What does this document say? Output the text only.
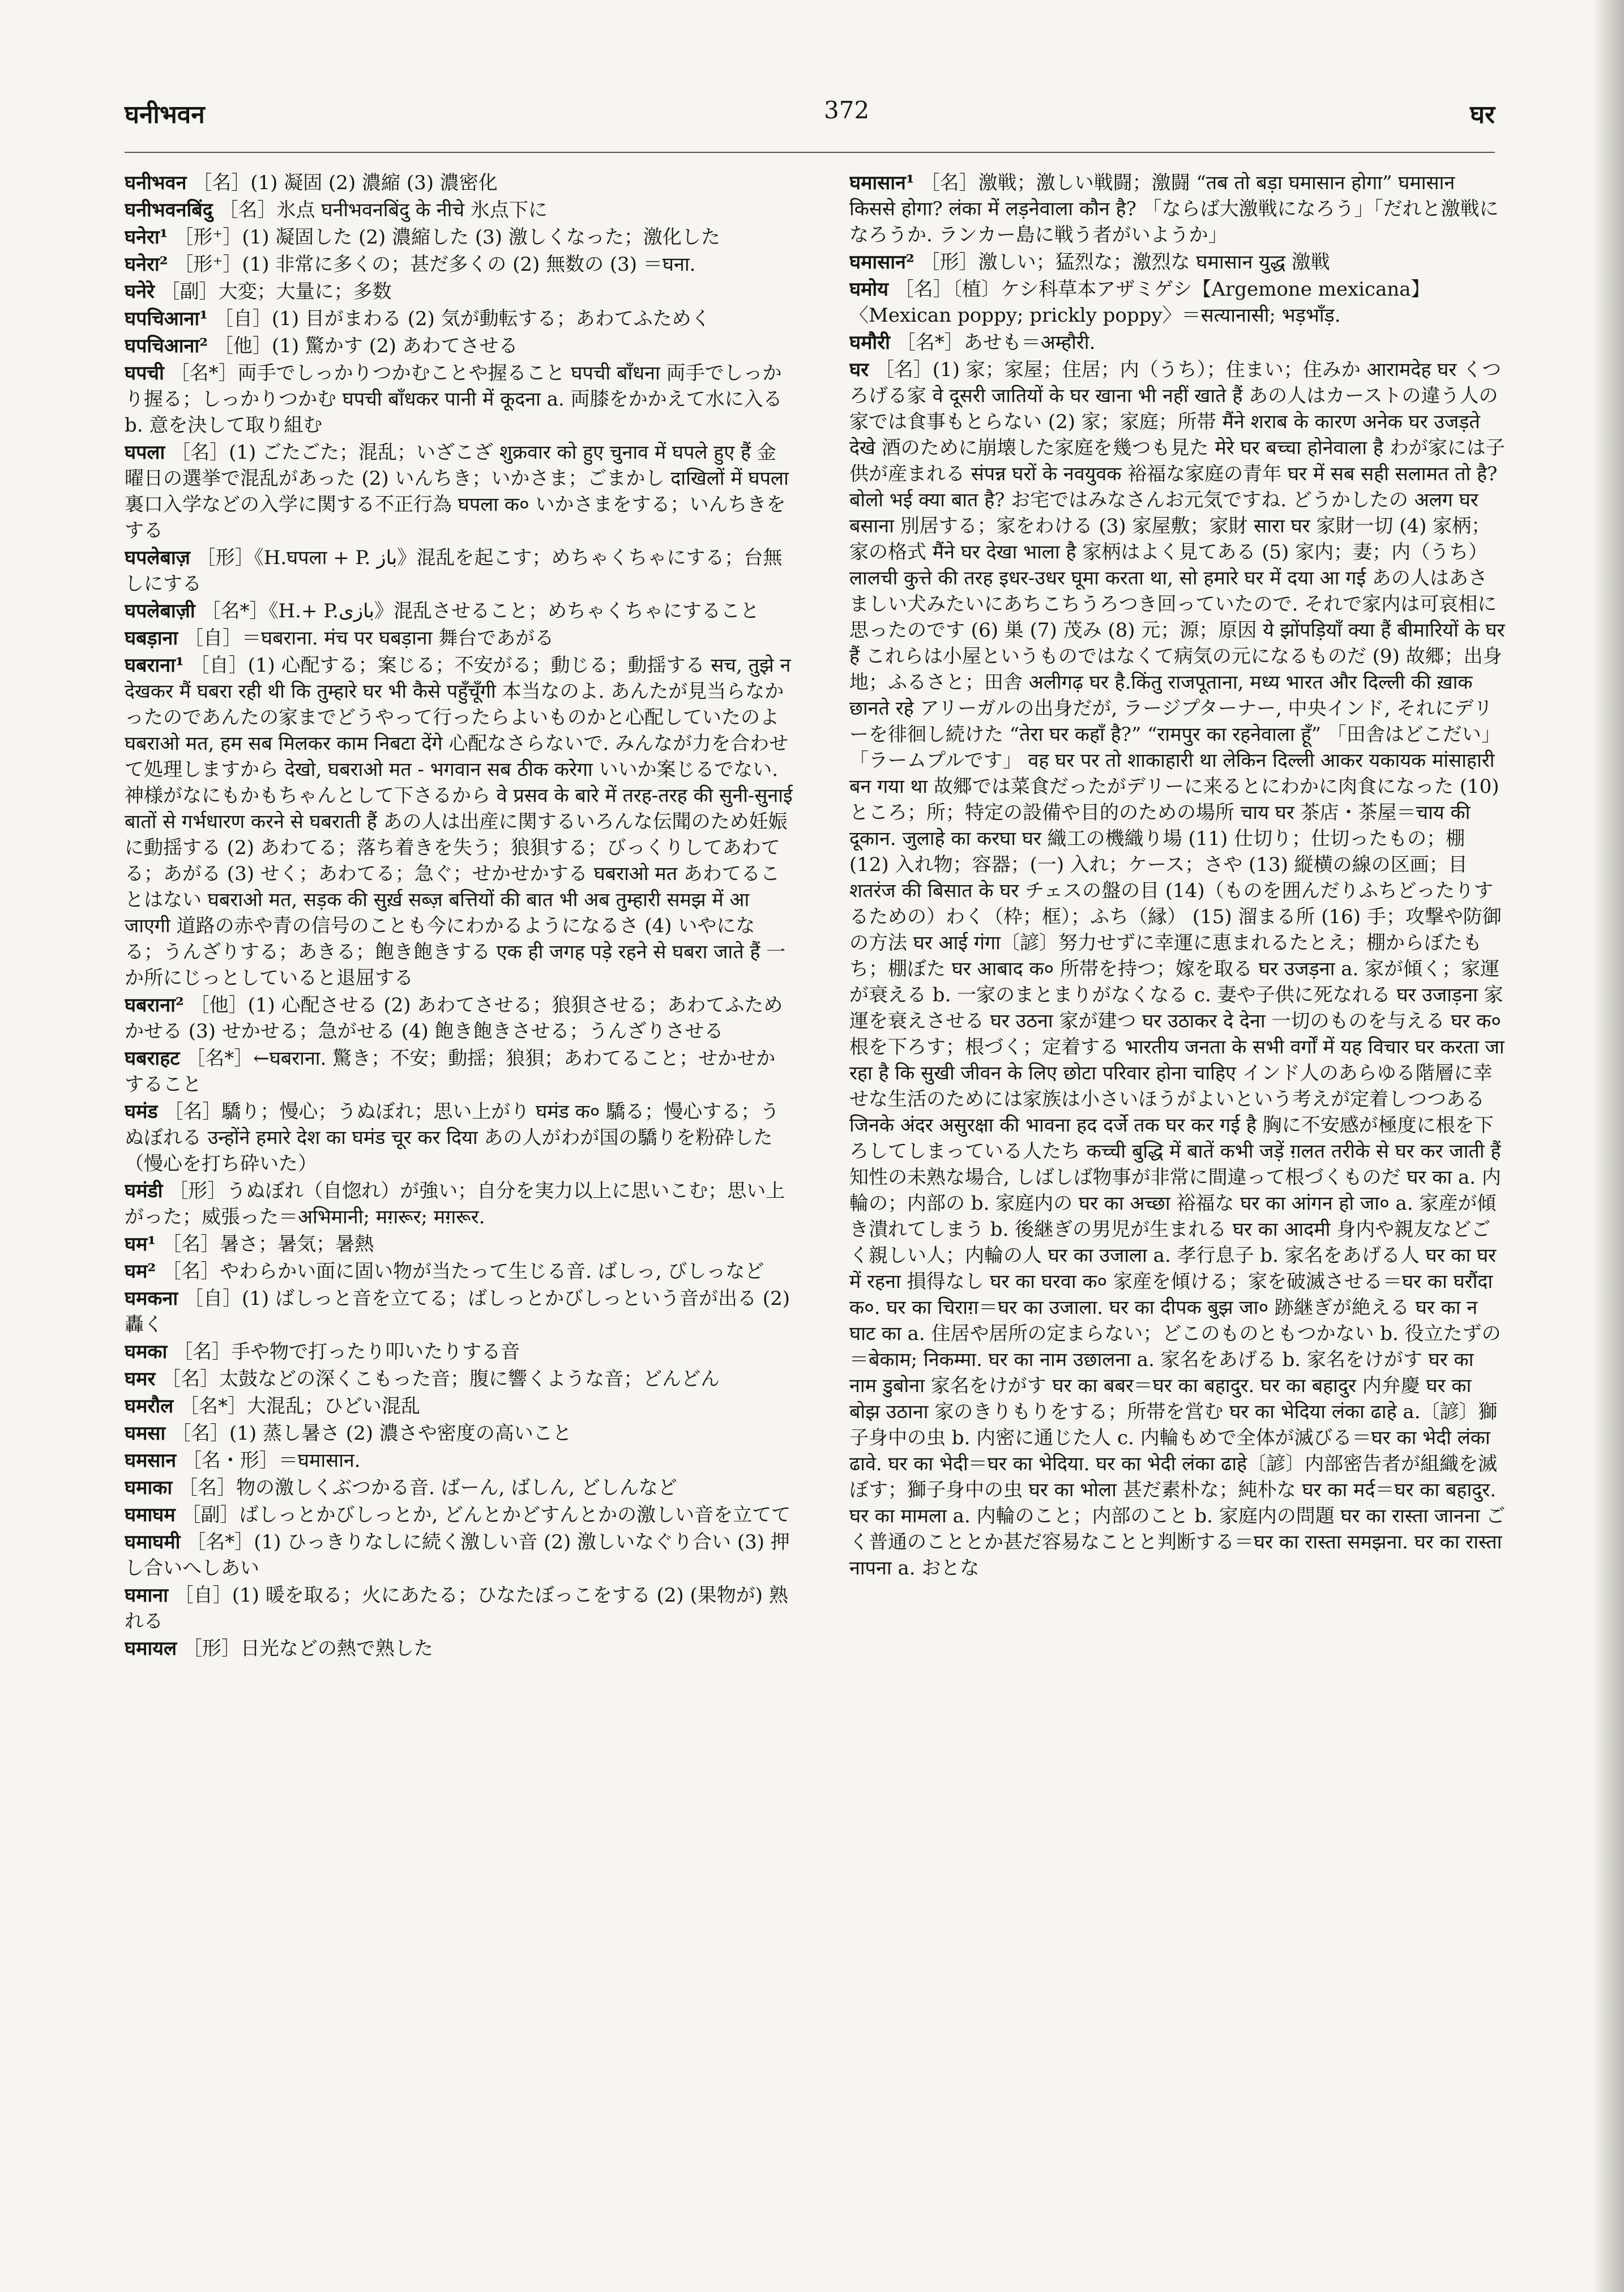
घनीभवन	372	घर
घनीभवन ［名］(1) 凝固 (2) 濃縮 (3) 濃密化
घनीभवनबिंदु ［名］氷点 घनीभवनबिंदु के नीचे 氷点下に
घनेरा¹ ［形⁺］(1) 凝固した (2) 濃縮した (3) 激しくなった；激化した
घनेरा² ［形⁺］(1) 非常に多くの；甚だ多くの (2) 無数の (3) ＝घना.
घनेरे ［副］大変；大量に；多数
घपचिआना¹ ［自］(1) 目がまわる (2) 気が動転する；あわてふためく
घपचिआना² ［他］(1) 驚かす (2) あわてさせる
घपची ［名*］両手でしっかりつかむことや握ること घपची बाँधना 両手でしっかり握る；しっかりつかむ घपची बाँधकर पानी में कूदना a. 両膝をかかえて水に入る b. 意を決して取り組む
घपला ［名］(1) ごたごた；混乱；いざこざ शुक्रवार को हुए चुनाव में घपले हुए हैं 金曜日の選挙で混乱があった (2) いんちき；いかさま；ごまかし दाखिलों में घपला 裏口入学などの入学に関する不正行為 घपला क० いかさまをする；いんちきをする
घपलेबाज़ ［形］《H.घपला + P. باز》混乱を起こす；めちゃくちゃにする；台無しにする
घपलेबाज़ी ［名*］《H.+ P.بازی》混乱させること；めちゃくちゃにすること
घबड़ाना ［自］＝घबराना. मंच पर घबड़ाना 舞台であがる
घबराना¹ ［自］(1) 心配する；案じる；不安がる；動じる；動揺する सच, तुझे न देखकर मैं घबरा रही थी कि तुम्हारे घर भी कैसे पहुँचूँगी 本当なのよ. あんたが見当らなかったのであんたの家までどうやって行ったらよいものかと心配していたのよ घबराओ मत, हम सब मिलकर काम निबटा देंगे 心配なさらないで. みんなが力を合わせて処理しますから देखो, घबराओ मत - भगवान सब ठीक करेगा いいか案じるでない. 神様がなにもかもちゃんとして下さるから वे प्रसव के बारे में तरह-तरह की सुनी-सुनाई बातों से गर्भधारण करने से घबराती हैं あの人は出産に関するいろんな伝聞のため妊娠に動揺する (2) あわてる；落ち着きを失う；狼狽する；びっくりしてあわてる；あがる (3) せく；あわてる；急ぐ；せかせかする घबराओ मत あわてることはない घबराओ मत, सड़क की सुर्ख़ सब्ज़ बत्तियों की बात भी अब तुम्हारी समझ में आ जाएगी 道路の赤や青の信号のことも今にわかるようになるさ (4) いやになる；うんざりする；あきる；飽き飽きする एक ही जगह पड़े रहने से घबरा जाते हैं 一か所にじっとしていると退屈する
घबराना² ［他］(1) 心配させる (2) あわてさせる；狼狽させる；あわてふためかせる (3) せかせる；急がせる (4) 飽き飽きさせる；うんざりさせる
घबराहट ［名*］←घबराना. 驚き；不安；動揺；狼狽；あわてること；せかせかすること
घमंड ［名］驕り；慢心；うぬぼれ；思い上がり घमंड क० 驕る；慢心する；うぬぼれる उन्होंने हमारे देश का घमंड चूर कर दिया あの人がわが国の驕りを粉砕した（慢心を打ち砕いた）
घमंडी ［形］うぬぼれ（自惚れ）が強い；自分を実力以上に思いこむ；思い上がった；威張った＝अभिमानी; मग़रूर; मग़रूर.
घम¹ ［名］暑さ；暑気；暑熱
घम² ［名］やわらかい面に固い物が当たって生じる音. ばしっ, びしっなど
घमकना ［自］(1) ばしっと音を立てる；ばしっとかびしっという音が出る (2) 轟く
घमका ［名］手や物で打ったり叩いたりする音
घमर ［名］太鼓などの深くこもった音；腹に響くような音；どんどん
घमरौल ［名*］大混乱；ひどい混乱
घमसा ［名］(1) 蒸し暑さ (2) 濃さや密度の高いこと
घमसान ［名・形］＝घमासान.
घमाका ［名］物の激しくぶつかる音. ばーん, ばしん, どしんなど
घमाघम ［副］ばしっとかびしっとか, どんとかどすんとかの激しい音を立てて
घमाघमी ［名*］(1) ひっきりなしに続く激しい音 (2) 激しいなぐり合い (3) 押し合いへしあい
घमाना ［自］(1) 暖を取る；火にあたる；ひなたぼっこをする (2) (果物が) 熟れる
घमायल ［形］日光などの熱で熟した
घमासान¹ ［名］激戦；激しい戦闘；激闘 “तब तो बड़ा घमासान होगा” घमासान किससे होगा? लंका में लड़नेवाला कौन है? 「ならば大激戦になろう」「だれと激戦になろうか. ランカー島に戦う者がいようか」
घमासान² ［形］激しい；猛烈な；激烈な घमासान युद्ध 激戦
घमोय ［名］〔植〕ケシ科草本アザミゲシ【Argemone mexicana】〈Mexican poppy; prickly poppy〉＝सत्यानासी; भड़भाँड़.
घमौरी ［名*］あせも＝अम्हौरी.
घर ［名］(1) 家；家屋；住居；内（うち）；住まい；住みか आरामदेह घर くつろげる家 वे दूसरी जातियों के घर खाना भी नहीं खाते हैं あの人はカーストの違う人の家では食事もとらない (2) 家；家庭；所帯 मैंने शराब के कारण अनेक घर उजड़ते देखे 酒のために崩壊した家庭を幾つも見た मेरे घर बच्चा होनेवाला है わが家には子供が産まれる संपन्न घरों के नवयुवक 裕福な家庭の青年 घर में सब सही सलामत तो है? बोलो भई क्या बात है? お宅ではみなさんお元気ですね. どうかしたの अलग घर बसाना 別居する；家をわける (3) 家屋敷；家財 सारा घर 家財一切 (4) 家柄；家の格式 मैंने घर देखा भाला है 家柄はよく見てある (5) 家内；妻；内（うち） लालची कुत्ते की तरह इधर-उधर घूमा करता था, सो हमारे घर में दया आ गई あの人はあさましい犬みたいにあちこちうろつき回っていたので. それで家内は可哀相に思ったのです (6) 巣 (7) 茂み (8) 元；源；原因 ये झोंपड़ियाँ क्या हैं बीमारियों के घर हैं これらは小屋というものではなくて病気の元になるものだ (9) 故郷；出身地；ふるさと；田舎 अलीगढ़ घर है.किंतु राजपूताना, मध्य भारत और दिल्ली की ख़ाक छानते रहे アリーガルの出身だが, ラージプターナー, 中央インド, それにデリーを徘徊し続けた “तेरा घर कहाँ है?” “रामपुर का रहनेवाला हूँ” 「田舎はどこだい」「ラームプルです」 वह घर पर तो शाकाहारी था लेकिन दिल्ली आकर यकायक मांसाहारी बन गया था 故郷では菜食だったがデリーに来るとにわかに肉食になった (10) ところ；所；特定の設備や目的のための場所 चाय घर 茶店・茶屋＝चाय की दूकान. जुलाहे का करघा घर 織工の機織り場 (11) 仕切り；仕切ったもの；棚 (12) 入れ物；容器；(一) 入れ；ケース；さや (13) 縦横の線の区画；目 शतरंज की बिसात के घर チェスの盤の目 (14)（ものを囲んだりふちどったりするための）わく（枠；框）；ふち（縁） (15) 溜まる所 (16) 手；攻撃や防御の方法 घर आई गंगा〔諺〕努力せずに幸運に恵まれるたとえ；棚からぼたもち；棚ぼた घर आबाद क० 所帯を持つ；嫁を取る घर उजड़ना a. 家が傾く；家運が衰える b. 一家のまとまりがなくなる c. 妻や子供に死なれる घर उजाड़ना 家運を衰えさせる घर उठना 家が建つ घर उठाकर दे देना 一切のものを与える घर क० 根を下ろす；根づく；定着する भारतीय जनता के सभी वर्गों में यह विचार घर करता जा रहा है कि सुखी जीवन के लिए छोटा परिवार होना चाहिए インド人のあらゆる階層に幸せな生活のためには家族は小さいほうがよいという考えが定着しつつある जिनके अंदर असुरक्षा की भावना हद दर्जे तक घर कर गई है 胸に不安感が極度に根を下ろしてしまっている人たち कच्ची बुद्धि में बातें कभी जड़ें ग़लत तरीके से घर कर जाती हैं 知性の未熟な場合, しばしば物事が非常に間違って根づくものだ घर का a. 内輪の；内部の b. 家庭内の घर का अच्छा 裕福な घर का आंगन हो जा० a. 家産が傾き潰れてしまう b. 後継ぎの男児が生まれる घर का आदमी 身内や親友などごく親しい人；内輪の人 घर का उजाला a. 孝行息子 b. 家名をあげる人 घर का घर में रहना 損得なし घर का घरवा क० 家産を傾ける；家を破滅させる＝घर का घरौंदा क०. घर का चिराग़＝घर का उजाला. घर का दीपक बुझ जा० 跡継ぎが絶える घर का न घाट का a. 住居や居所の定まらない；どこのものともつかない b. 役立たずの＝बेकाम; निकम्मा. घर का नाम उछालना a. 家名をあげる b. 家名をけがす घर का नाम डुबोना 家名をけがす घर का बबर＝घर का बहादुर. घर का बहादुर 内弁慶 घर का बोझ उठाना 家のきりもりをする；所帯を営む घर का भेदिया लंका ढाहे a.〔諺〕獅子身中の虫 b. 内密に通じた人 c. 内輪もめで全体が滅びる＝घर का भेदी लंका ढावे. घर का भेदी＝घर का भेदिया. घर का भेदी लंका ढाहे〔諺〕内部密告者が組織を滅ぼす；獅子身中の虫 घर का भोला 甚だ素朴な；純朴な घर का मर्द＝घर का बहादुर. घर का मामला a. 内輪のこと；内部のこと b. 家庭内の問題 घर का रास्ता जानना ごく普通のこととか甚だ容易なことと判断する＝घर का रास्ता समझना. घर का रास्ता नापना a. おとな
